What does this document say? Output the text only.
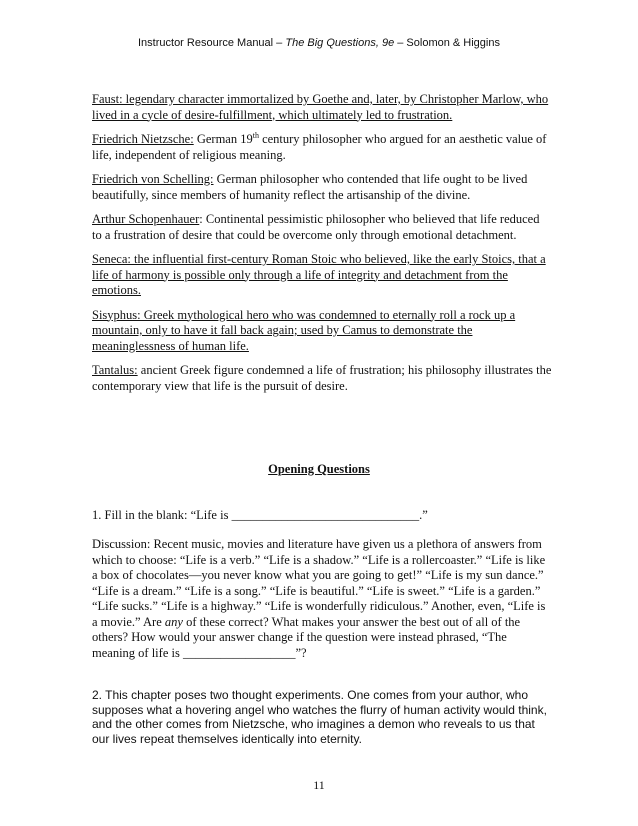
Instructor Resource Manual – The Big Questions, 9e – Solomon & Higgins
Faust: legendary character immortalized by Goethe and, later, by Christopher Marlow, who lived in a cycle of desire-fulfillment, which ultimately led to frustration.
Friedrich Nietzsche: German 19th century philosopher who argued for an aesthetic value of life, independent of religious meaning.
Friedrich von Schelling: German philosopher who contended that life ought to be lived beautifully, since members of humanity reflect the artisanship of the divine.
Arthur Schopenhauer: Continental pessimistic philosopher who believed that life reduced to a frustration of desire that could be overcome only through emotional detachment.
Seneca: the influential first-century Roman Stoic who believed, like the early Stoics, that a life of harmony is possible only through a life of integrity and detachment from the emotions.
Sisyphus: Greek mythological hero who was condemned to eternally roll a rock up a mountain, only to have it fall back again; used by Camus to demonstrate the meaninglessness of human life.
Tantalus: ancient Greek figure condemned a life of frustration; his philosophy illustrates the contemporary view that life is the pursuit of desire.
Opening Questions
1. Fill in the blank: “Life is ______________________________.”
Discussion: Recent music, movies and literature have given us a plethora of answers from which to choose: “Life is a verb.” “Life is a shadow.” “Life is a rollercoaster.” “Life is like a box of chocolates—you never know what you are going to get!” “Life is my sun dance.” “Life is a dream.” “Life is a song.” “Life is beautiful.” “Life is sweet.” “Life is a garden.” “Life sucks.” “Life is a highway.” “Life is wonderfully ridiculous.” Another, even, “Life is a movie.” Are any of these correct? What makes your answer the best out of all of the others? How would your answer change if the question were instead phrased, “The meaning of life is __________________”?
2. This chapter poses two thought experiments. One comes from your author, who supposes what a hovering angel who watches the flurry of human activity would think, and the other comes from Nietzsche, who imagines a demon who reveals to us that our lives repeat themselves identically into eternity.
11
